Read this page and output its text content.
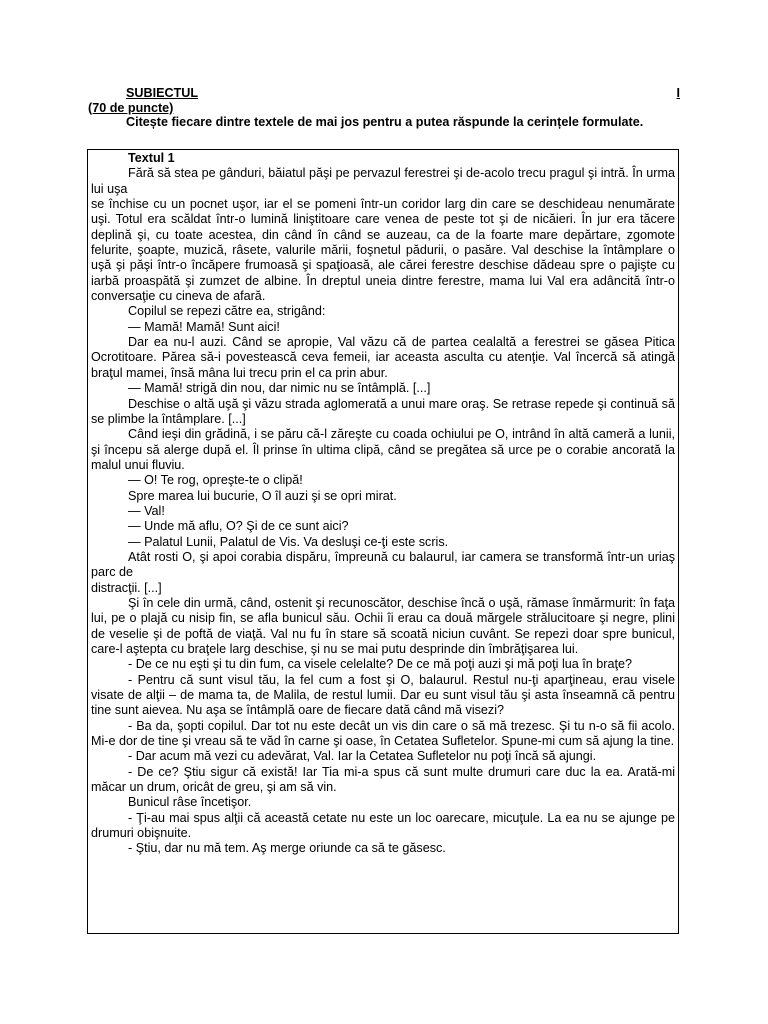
SUBIECTUL	I
(70 de puncte)
Citește fiecare dintre textele de mai jos pentru a putea răspunde la cerințele formulate.

Textul 1

Fără să stea pe gânduri, băiatul păşi pe pervazul ferestrei şi de-acolo trecu pragul şi intră. În urma lui uşa

se închise cu un pocnet uşor, iar el se pomeni într-un coridor larg din care se deschideau nenumărate uşi. Totul era scăldat într-o lumină liniştitoare care venea de peste tot şi de nicăieri. În jur era tăcere deplină şi, cu toate acestea, din când în când se auzeau, ca de la foarte mare depărtare, zgomote felurite, şoapte, muzică, râsete, valurile mării, foşnetul pădurii, o pasăre. Val deschise la întâmplare o uşă şi păşi într-o încăpere frumoasă şi spaţioasă, ale cărei ferestre deschise dădeau spre o pajişte cu iarbă proaspătă şi zumzet de albine. În dreptul uneia dintre ferestre, mama lui Val era adâncită într-o conversaţie cu cineva de afară.

Copilul se repezi către ea, strigând:

— Mamă! Mamă! Sunt aici!

Dar ea nu-l auzi. Când se apropie, Val văzu că de partea cealaltă a ferestrei se găsea Pitica Ocrotitoare. Părea să-i povestească ceva femeii, iar aceasta asculta cu atenţie. Val încercă să atingă braţul mamei, însă mâna lui trecu prin el ca prin abur.

— Mamă! strigă din nou, dar nimic nu se întâmplă. [...]

Deschise o altă uşă şi văzu strada aglomerată a unui mare oraş. Se retrase repede şi continuă să se plimbe la întâmplare. [...]

Când ieşi din grădină, i se păru că-l zăreşte cu coada ochiului pe O, intrând în altă cameră a lunii, şi începu să alerge după el. Îl prinse în ultima clipă, când se pregătea să urce pe o corabie ancorată la malul unui fluviu.

— O! Te rog, opreşte-te o clipă!

Spre marea lui bucurie, O îl auzi şi se opri mirat.

— Val!

— Unde mă aflu, O? Şi de ce sunt aici?

— Palatul Lunii, Palatul de Vis. Va desluşi ce-ţi este scris.

Atât rosti O, şi apoi corabia dispăru, împreună cu balaurul, iar camera se transformă într-un uriaş parc de

distracţii. [...]

Şi în cele din urmă, când, ostenit şi recunoscător, deschise încă o uşă, rămase înmărmurit: în faţa lui, pe o plajă cu nisip fin, se afla bunicul său. Ochii îi erau ca două mărgele strălucitoare şi negre, plini de veselie şi de poftă de viaţă. Val nu fu în stare să scoată niciun cuvânt. Se repezi doar spre bunicul, care-l aştepta cu braţele larg deschise, şi nu se mai putu desprinde din îmbrăţişarea lui.

- De ce nu eşti şi tu din fum, ca visele celelalte? De ce mă poţi auzi şi mă poţi lua în braţe?

- Pentru că sunt visul tău, la fel cum a fost şi O, balaurul. Restul nu-ţi aparţineau, erau visele visate de alţii – de mama ta, de Malila, de restul lumii. Dar eu sunt visul tău şi asta înseamnă că pentru tine sunt aievea. Nu aşa se întâmplă oare de fiecare dată când mă visezi?

- Ba da, şopti copilul. Dar tot nu este decât un vis din care o să mă trezesc. Şi tu n-o să fii acolo. Mi-e dor de tine şi vreau să te văd în carne şi oase, în Cetatea Sufletelor. Spune-mi cum să ajung la tine.

- Dar acum mă vezi cu adevărat, Val. Iar la Cetatea Sufletelor nu poţi încă să ajungi.

- De ce? Ştiu sigur că există! Iar Tia mi-a spus că sunt multe drumuri care duc la ea. Arată-mi măcar un drum, oricât de greu, şi am să vin.

Bunicul râse încetişor.

- Ţi-au mai spus alţii că această cetate nu este un loc oarecare, micuţule. La ea nu se ajunge pe drumuri obişnuite.

- Ştiu, dar nu mă tem. Aş merge oriunde ca să te găsesc.
